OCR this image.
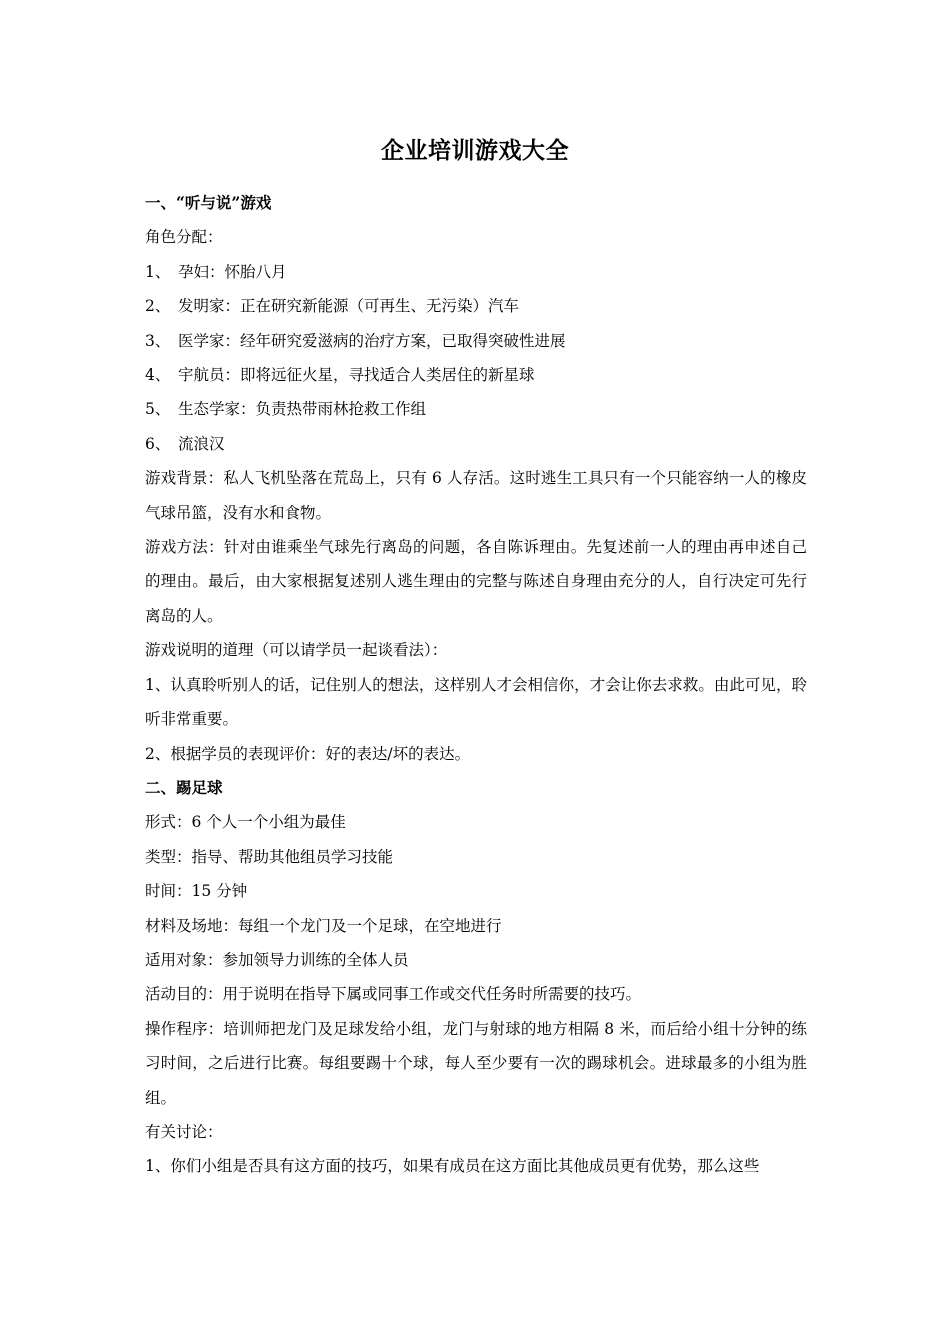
企业培训游戏大全

一、“听与说”游戏

角色分配：

1、 孕妇：怀胎八月

2、 发明家：正在研究新能源（可再生、无污染）汽车

3、 医学家：经年研究爱滋病的治疗方案，已取得突破性进展

4、 宇航员：即将远征火星，寻找适合人类居住的新星球

5、 生态学家：负责热带雨林抢救工作组

6、 流浪汉

游戏背景：私人飞机坠落在荒岛上，只有 6 人存活。这时逃生工具只有一个只能容纳一人的橡皮气球吊篮，没有水和食物。

游戏方法：针对由谁乘坐气球先行离岛的问题，各自陈诉理由。先复述前一人的理由再申述自己的理由。最后，由大家根据复述别人逃生理由的完整与陈述自身理由充分的人，自行决定可先行离岛的人。

游戏说明的道理（可以请学员一起谈看法）：

1、认真聆听别人的话，记住别人的想法，这样别人才会相信你，才会让你去求救。由此可见，聆听非常重要。

2、根据学员的表现评价：好的表达/坏的表达。

二、踢足球

形式：6 个人一个小组为最佳

类型：指导、帮助其他组员学习技能

时间：15 分钟

材料及场地：每组一个龙门及一个足球，在空地进行

适用对象：参加领导力训练的全体人员

活动目的：用于说明在指导下属或同事工作或交代任务时所需要的技巧。

操作程序：培训师把龙门及足球发给小组，龙门与射球的地方相隔 8 米，而后给小组十分钟的练习时间，之后进行比赛。每组要踢十个球，每人至少要有一次的踢球机会。进球最多的小组为胜组。

有关讨论：

1、你们小组是否具有这方面的技巧，如果有成员在这方面比其他成员更有优势，那么这些
